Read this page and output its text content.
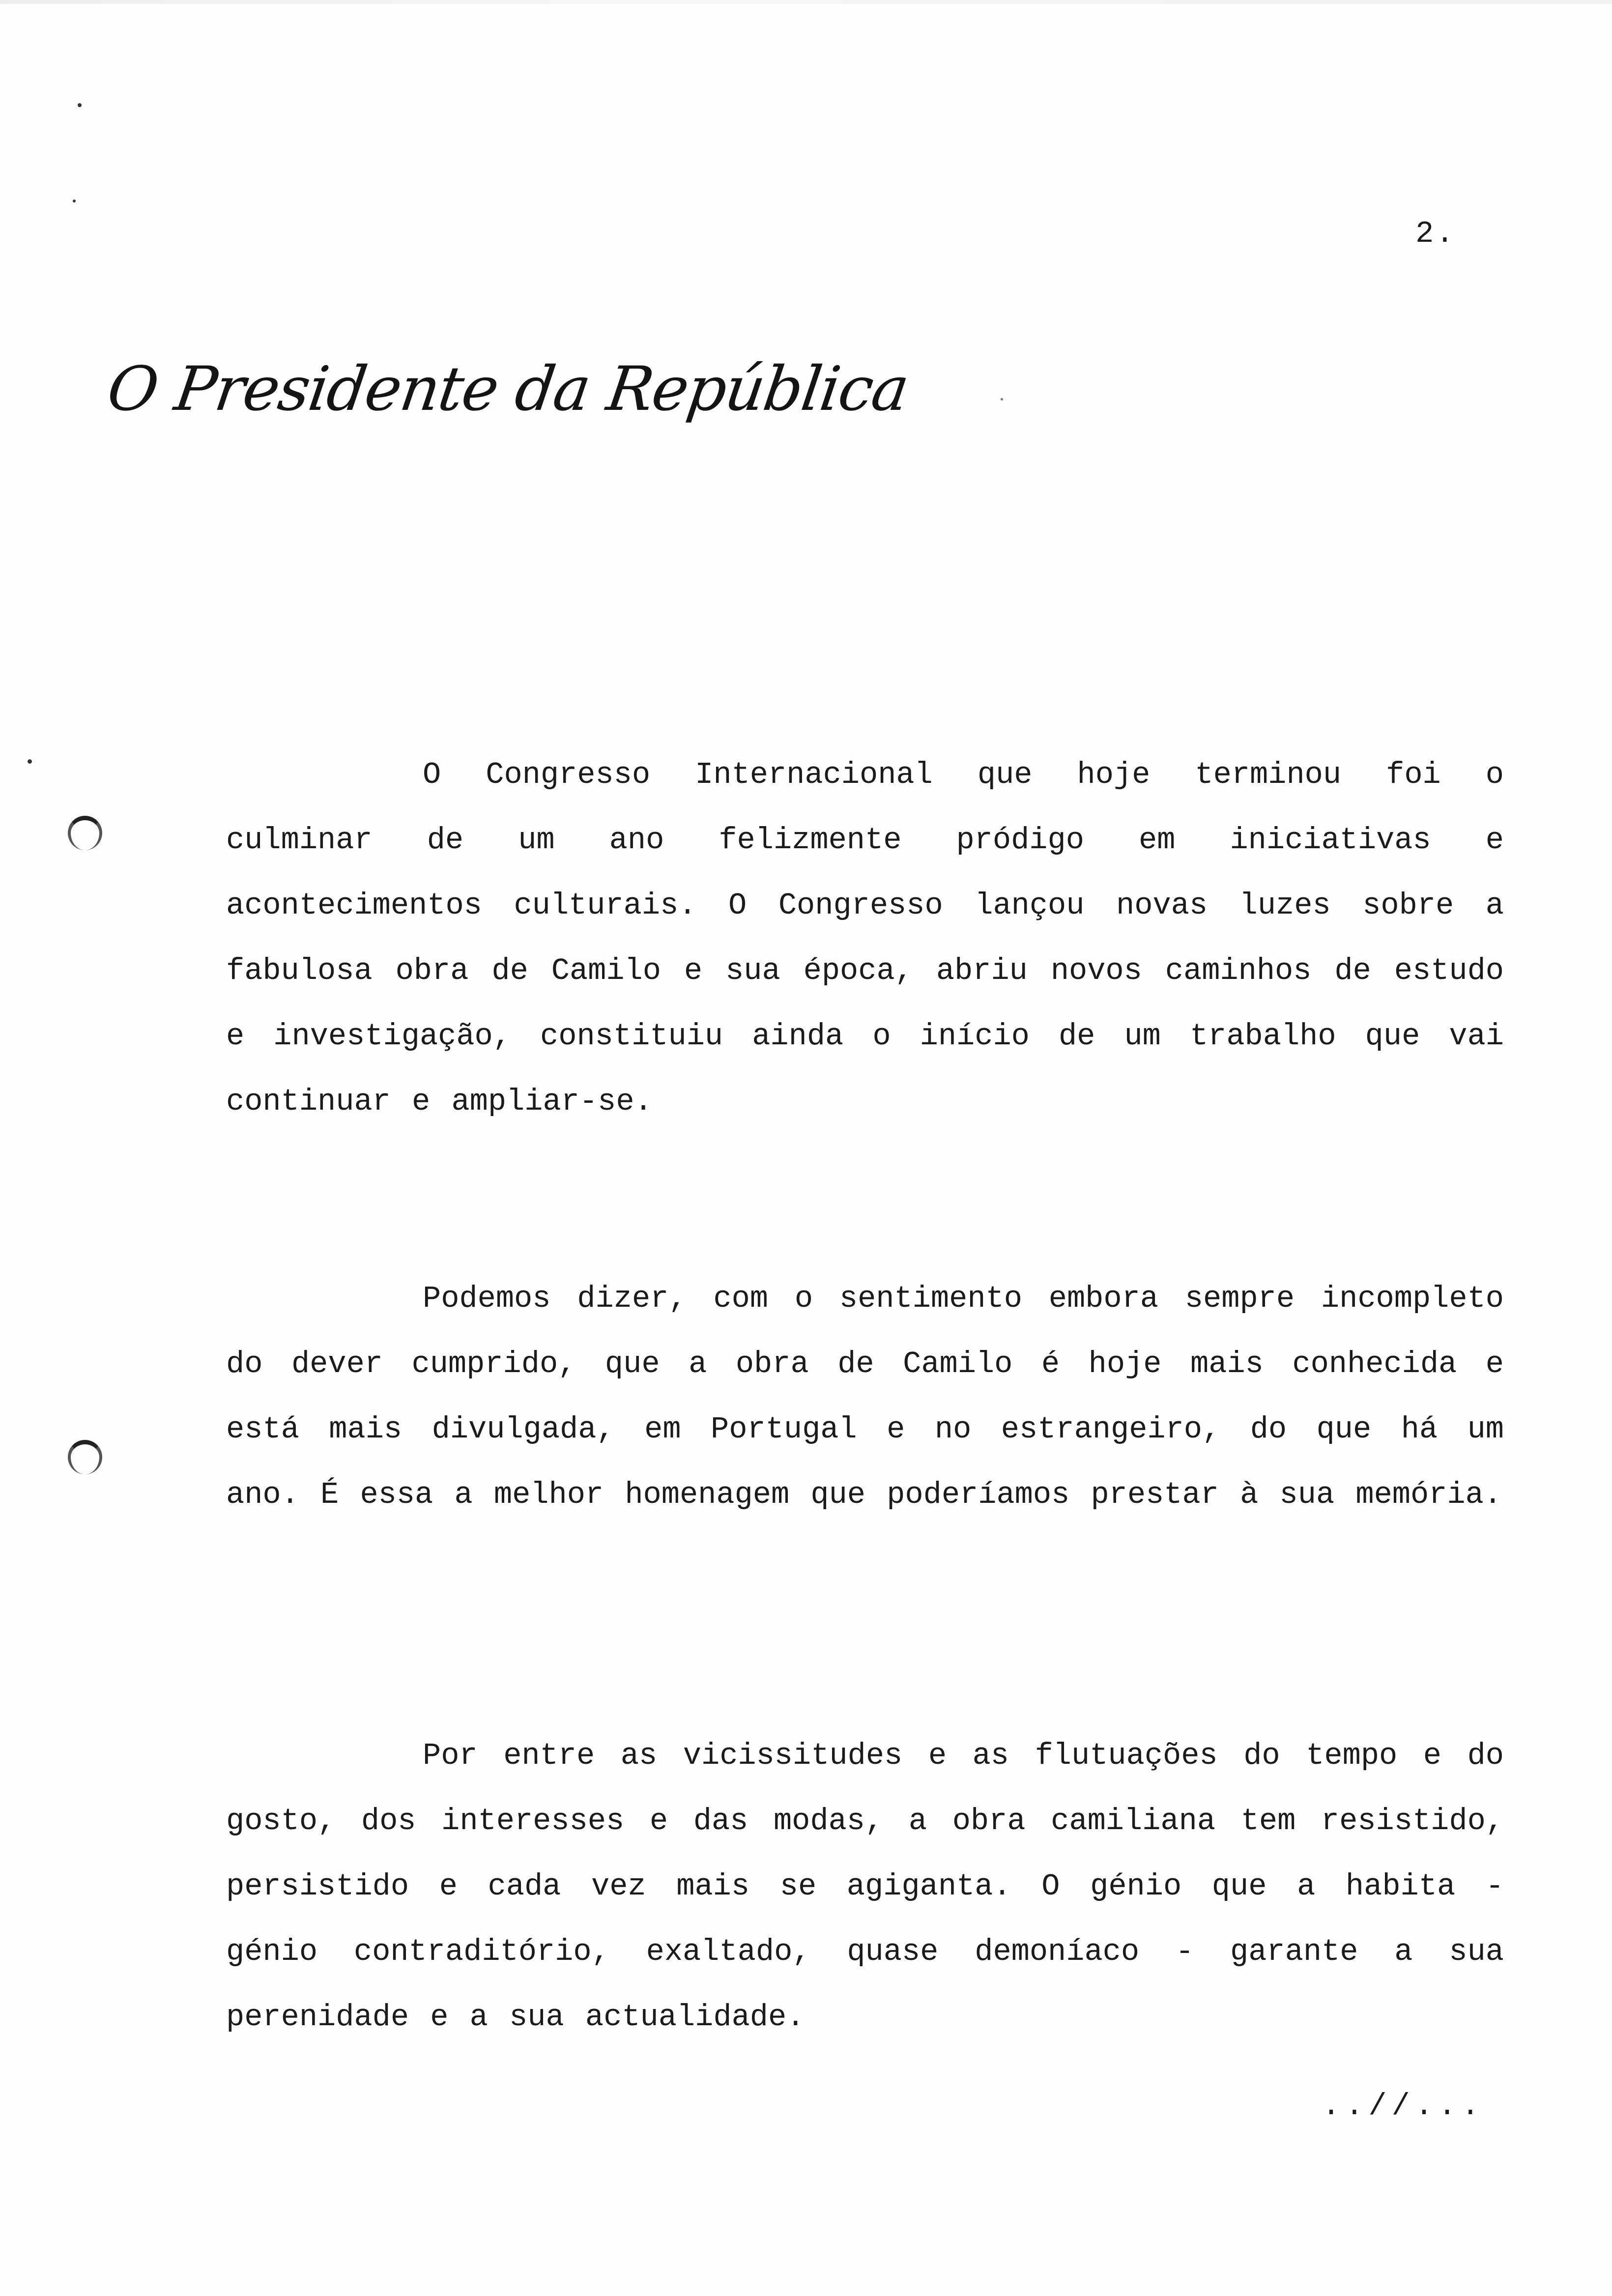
2.
O Presidente da República

O Congresso Internacional que hoje terminou foi o culminar de um ano felizmente pródigo em iniciativas e acontecimentos culturais. O Congresso lançou novas luzes sobre a fabulosa obra de Camilo e sua época, abriu novos caminhos de estudo e investigação, constituiu ainda o início de um trabalho que vai continuar e ampliar-se.

Podemos dizer, com o sentimento embora sempre incompleto do dever cumprido, que a obra de Camilo é hoje mais conhecida e está mais divulgada, em Portugal e no estrangeiro, do que há um ano. É essa a melhor homenagem que poderíamos prestar à sua memória.

Por entre as vicissitudes e as flutuações do tempo e do gosto, dos interesses e das modas, a obra camiliana tem resistido, persistido e cada vez mais se agiganta. O génio que a habita - génio contraditório, exaltado, quase demoníaco - garante a sua perenidade e a sua actualidade.

..//...
